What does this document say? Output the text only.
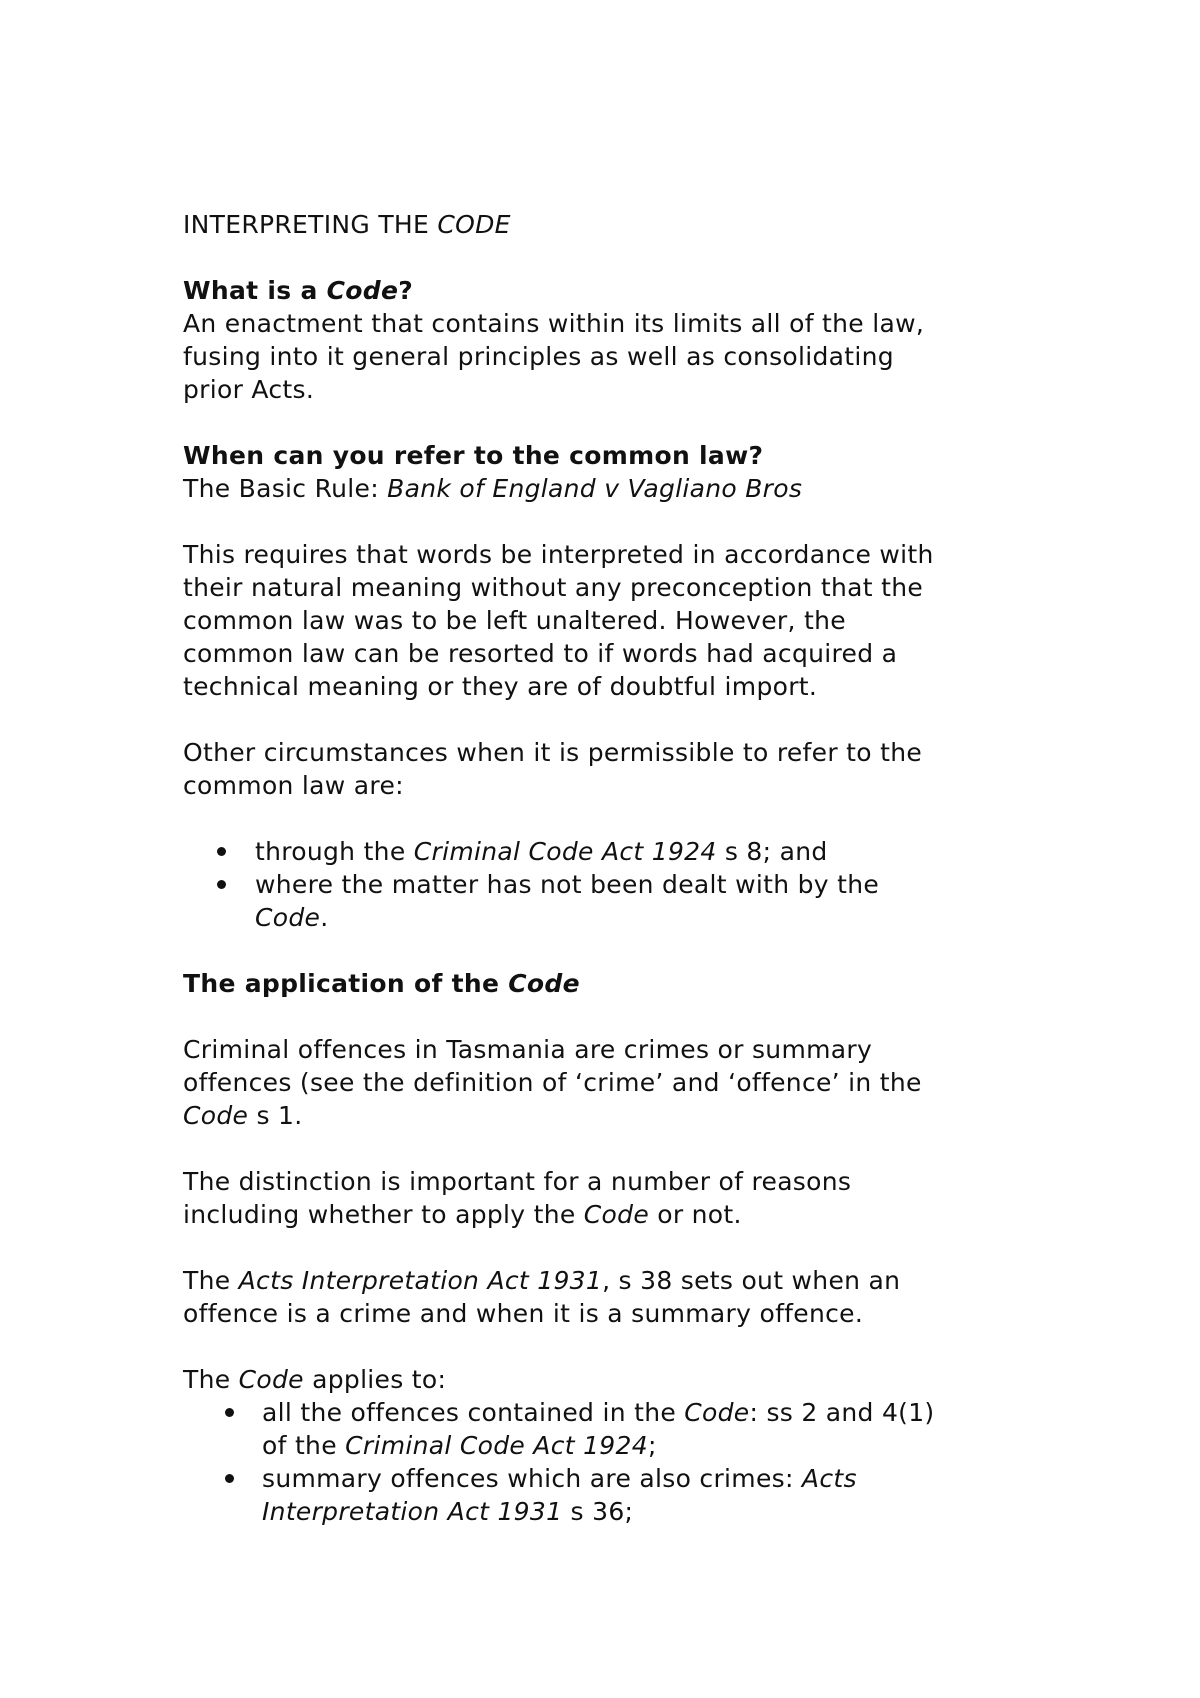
INTERPRETING THE CODE
What is a Code?
An enactment that contains within its limits all of the law,
fusing into it general principles as well as consolidating
prior Acts.
When can you refer to the common law?
The Basic Rule: Bank of England v Vagliano Bros
This requires that words be interpreted in accordance with
their natural meaning without any preconception that the
common law was to be left unaltered. However, the
common law can be resorted to if words had acquired a
technical meaning or they are of doubtful import.
Other circumstances when it is permissible to refer to the
common law are:
through the Criminal Code Act 1924 s 8; and
where the matter has not been dealt with by the
Code.
The application of the Code
Criminal offences in Tasmania are crimes or summary
offences (see the definition of ‘crime’ and ‘offence’ in the
Code s 1.
The distinction is important for a number of reasons
including whether to apply the Code or not.
The Acts Interpretation Act 1931, s 38 sets out when an
offence is a crime and when it is a summary offence.
The Code applies to:
all the offences contained in the Code: ss 2 and 4(1)
of the Criminal Code Act 1924;
summary offences which are also crimes: Acts
Interpretation Act 1931 s 36;
